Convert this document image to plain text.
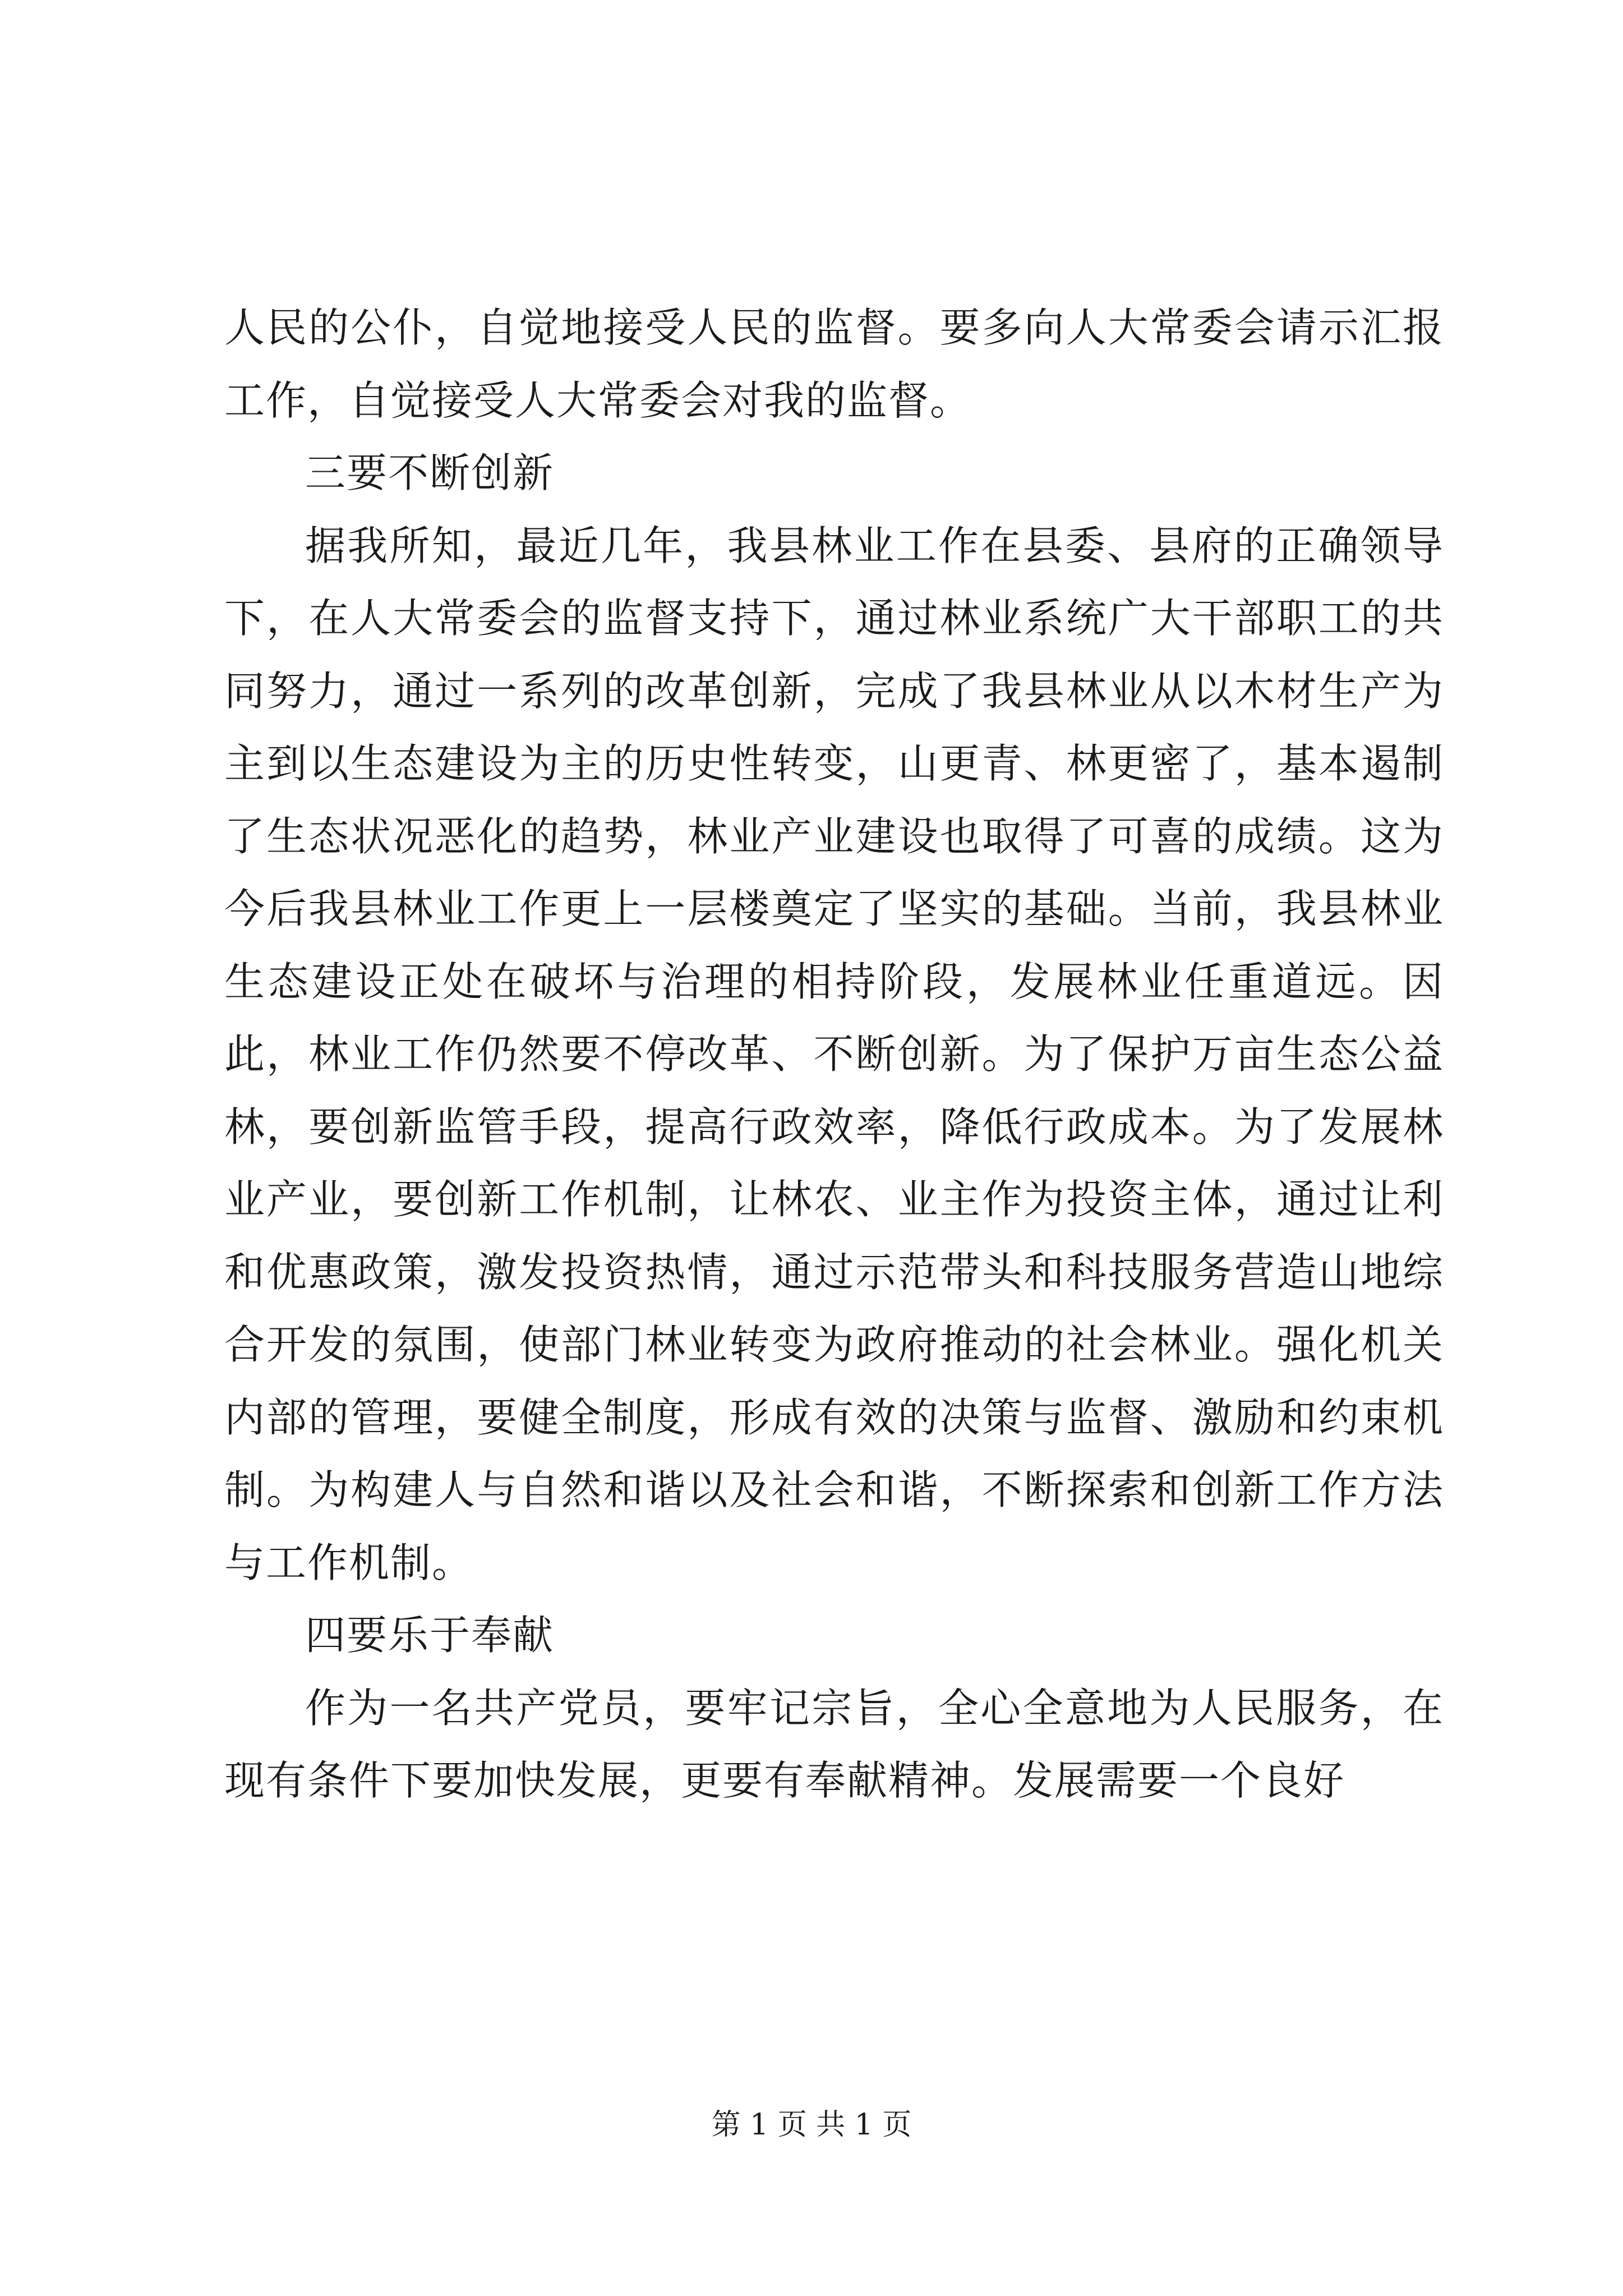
人民的公仆，自觉地接受人民的监督。要多向人大常委会请示汇报工作，自觉接受人大常委会对我的监督。

三要不断创新

据我所知，最近几年，我县林业工作在县委、县府的正确领导下，在人大常委会的监督支持下，通过林业系统广大干部职工的共同努力，通过一系列的改革创新，完成了我县林业从以木材生产为主到以生态建设为主的历史性转变，山更青、林更密了，基本遏制了生态状况恶化的趋势，林业产业建设也取得了可喜的成绩。这为今后我县林业工作更上一层楼奠定了坚实的基础。当前，我县林业生态建设正处在破坏与治理的相持阶段，发展林业任重道远。因此，林业工作仍然要不停改革、不断创新。为了保护万亩生态公益林，要创新监管手段，提高行政效率，降低行政成本。为了发展林业产业，要创新工作机制，让林农、业主作为投资主体，通过让利和优惠政策，激发投资热情，通过示范带头和科技服务营造山地综合开发的氛围，使部门林业转变为政府推动的社会林业。强化机关内部的管理，要健全制度，形成有效的决策与监督、激励和约束机制。为构建人与自然和谐以及社会和谐，不断探索和创新工作方法与工作机制。

四要乐于奉献

作为一名共产党员，要牢记宗旨，全心全意地为人民服务，在现有条件下要加快发展，更要有奉献精神。发展需要一个良好

第 1 页 共 1 页
